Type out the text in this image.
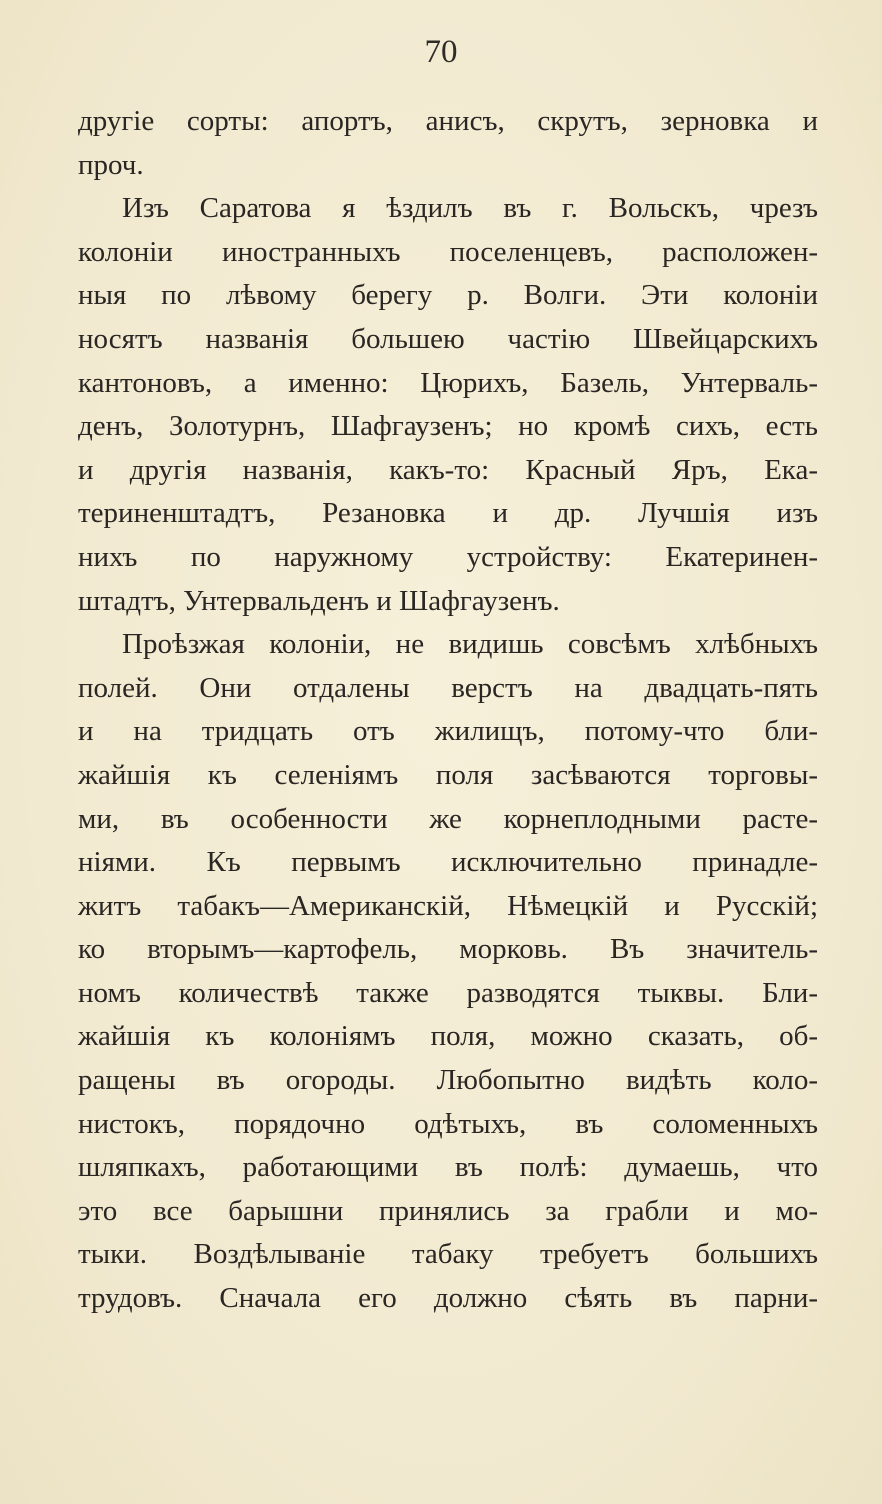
70
другіе сорты: апортъ, анисъ, скрутъ, зерновка и
проч.
Изъ Саратова я ѣздилъ въ г. Вольскъ, чрезъ
колоніи иностранныхъ поселенцевъ, расположен-
ныя по лѣвому берегу р. Волги. Эти колоніи
носятъ названія большею частію Швейцарскихъ
кантоновъ, а именно: Цюрихъ, Базель, Унтерваль-
денъ, Золотурнъ, Шафгаузенъ; но кромѣ сихъ, есть
и другія названія, какъ-то: Красный Яръ, Ека-
териненштадтъ, Резановка и др. Лучшія изъ
нихъ по наружному устройству: Екатеринен-
штадтъ, Унтервальденъ и Шафгаузенъ.
Проѣзжая колоніи, не видишь совсѣмъ хлѣбныхъ
полей. Они отдалены верстъ на двадцать-пять
и на тридцать отъ жилищъ, потому-что бли-
жайшія къ селеніямъ поля засѣваются торговы-
ми, въ особенности же корнеплодными расте-
ніями. Къ первымъ исключительно принадле-
житъ табакъ—Американскій, Нѣмецкій и Русскій;
ко вторымъ—картофель, морковь. Въ значитель-
номъ количествѣ также разводятся тыквы. Бли-
жайшія къ колоніямъ поля, можно сказать, об-
ращены въ огороды. Любопытно видѣть коло-
нистокъ, порядочно одѣтыхъ, въ соломенныхъ
шляпкахъ, работающими въ полѣ: думаешь, что
это все барышни принялись за грабли и мо-
тыки. Воздѣлываніе табаку требуетъ большихъ
трудовъ. Сначала его должно сѣять въ парни-
